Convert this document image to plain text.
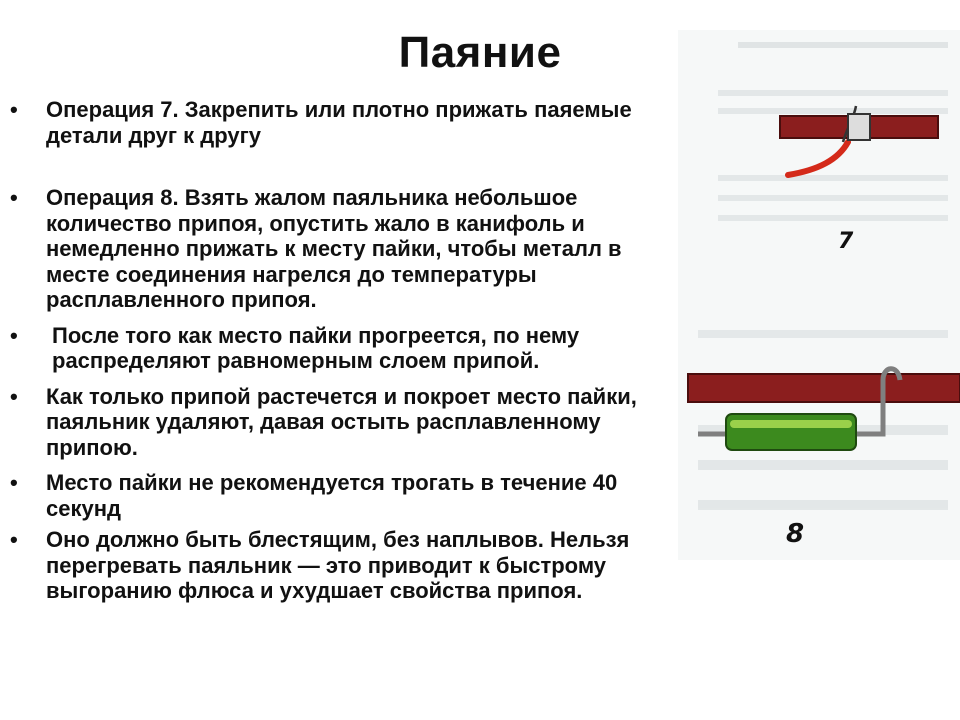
Паяние
• Операция 7. Закрепить или плотно прижать паяемые детали друг к другу
• Операция 8. Взять жалом паяльника небольшое количество припоя, опустить жало в канифоль и немедленно прижать к месту пайки, чтобы металл в месте соединения нагрелся до температуры расплавленного припоя.
• После того как место пайки прогреется, по нему распределяют равномерным слоем припой.
• Как только припой растечется и покроет место пайки, паяльник удаляют, давая остыть расплавленному припою.
• Место пайки не рекомендуется трогать в течение 40 секунд
• Оно должно быть блестящим, без наплывов. Нельзя перегревать паяльник — это приводит к быстрому выгоранию флюса и ухудшает свойства припоя.
7
8
